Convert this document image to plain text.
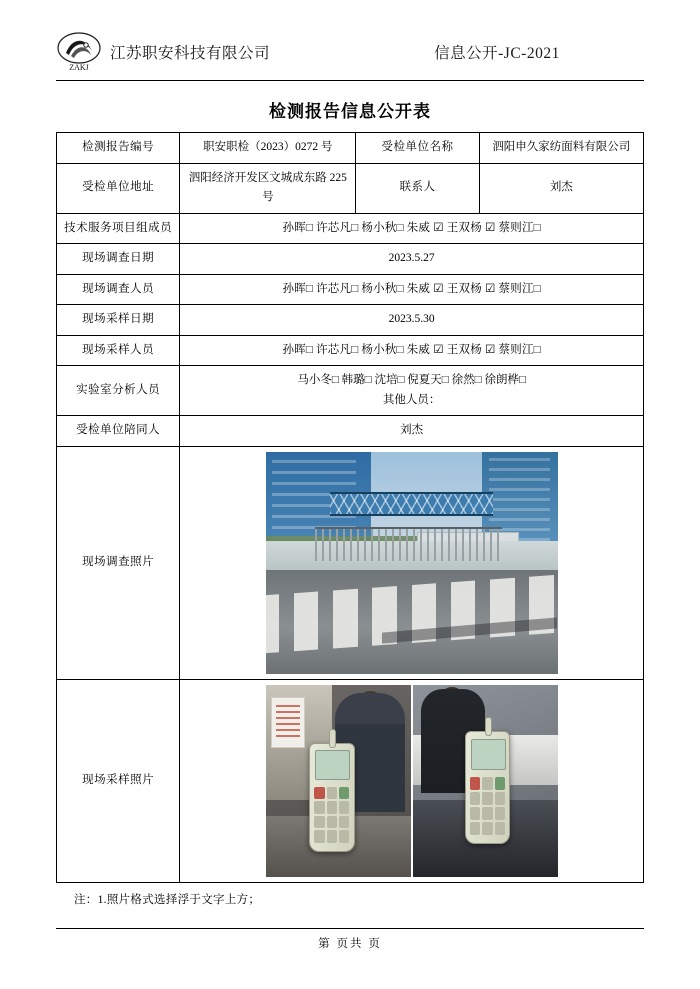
ZAKJ
江苏职安科技有限公司	信息公开-JC-2021
检测报告信息公开表
检测报告编号	职安职检（2023）0272 号	受检单位名称	泗阳申久家纺面料有限公司
受检单位地址	泗阳经济开发区文城成东路 225 号	联系人	刘杰
技术服务项目组成员	孙晖□ 许芯凡□ 杨小秋□ 朱威 ☑ 王双杨 ☑ 蔡则江□		
现场调查日期	2023.5.27		
现场调查人员	孙晖□ 许芯凡□ 杨小秋□ 朱威 ☑ 王双杨 ☑ 蔡则江□		
现场采样日期	2023.5.30		
现场采样人员	孙晖□ 许芯凡□ 杨小秋□ 朱威 ☑ 王双杨 ☑ 蔡则江□		
实验室分析人员	马小冬□ 韩璐□ 沈培□ 倪夏天□ 徐然□ 徐朗桦□
其他人员：		

受检单位陪同人	刘杰		
现场调查照片			

现场采样照片			
注：1.照片格式选择浮于文字上方；
第 页共 页
